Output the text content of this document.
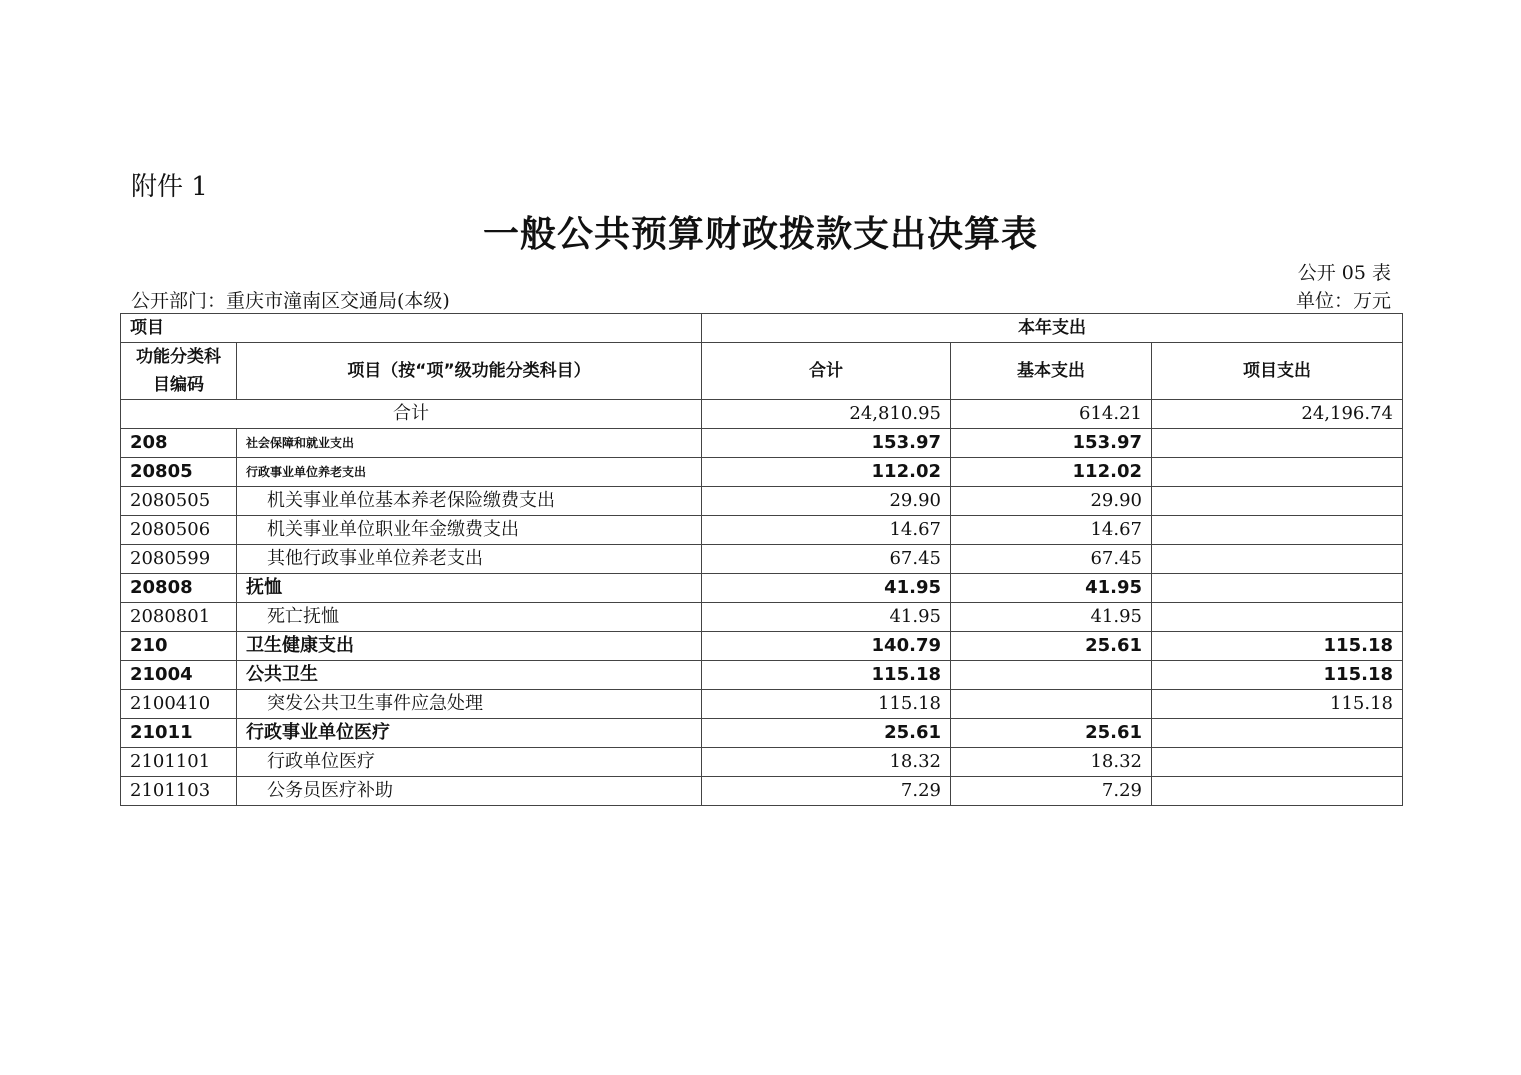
附件 1
一般公共预算财政拨款支出决算表
公开 05 表
公开部门：重庆市潼南区交通局(本级)	单位：万元
项目		本年支出		
功能分类科目编码	项目（按“项”级功能分类科目）	合计	基本支出	项目支出
合计		24,810.95	614.21	24,196.74
208	社会保障和就业支出	153.97	153.97	
20805	行政事业单位养老支出	112.02	112.02	
2080505	机关事业单位基本养老保险缴费支出	29.90	29.90	
2080506	机关事业单位职业年金缴费支出	14.67	14.67	
2080599	其他行政事业单位养老支出	67.45	67.45	
20808	抚恤	41.95	41.95	
2080801	死亡抚恤	41.95	41.95	
210	卫生健康支出	140.79	25.61	115.18
21004	公共卫生	115.18		115.18
2100410	突发公共卫生事件应急处理	115.18		115.18
21011	行政事业单位医疗	25.61	25.61	
2101101	行政单位医疗	18.32	18.32	
2101103	公务员医疗补助	7.29	7.29	
